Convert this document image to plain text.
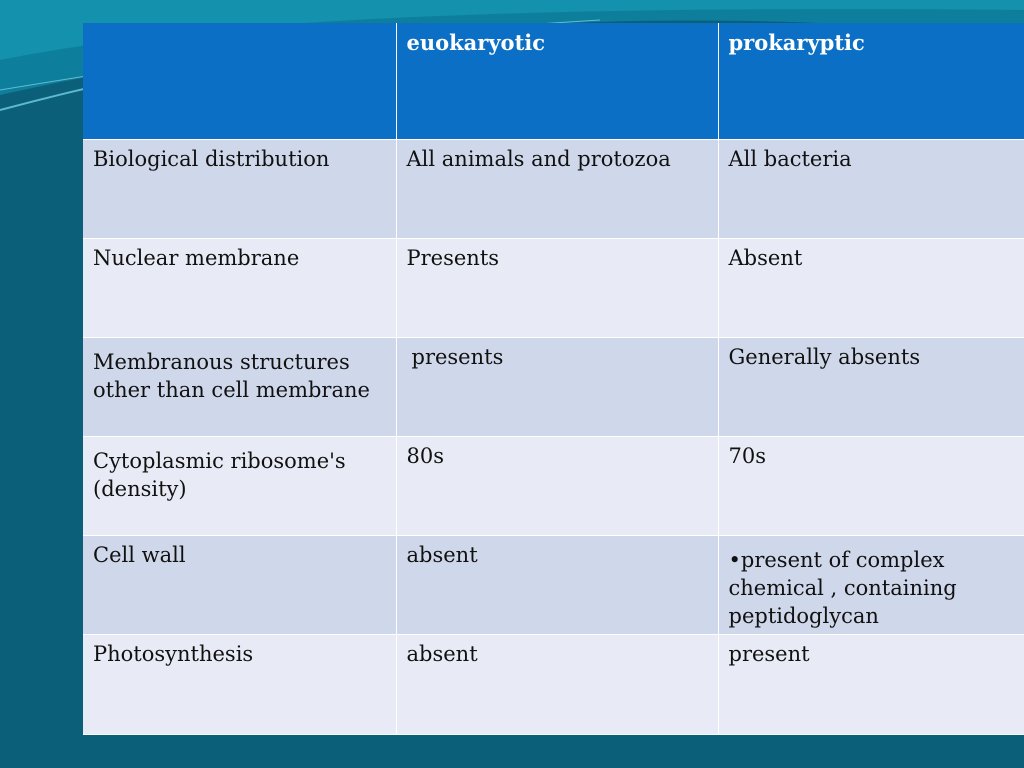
	euokaryotic	prokaryptic
Biological distribution	All animals and protozoa	All bacteria
Nuclear membrane	Presents	Absent
Membranous structures other than cell membrane	presents	Generally absents
Cytoplasmic ribosome's (density)	80s	70s
Cell wall	absent	• present of complex chemical , containing peptidoglycan
Photosynthesis	absent	present
